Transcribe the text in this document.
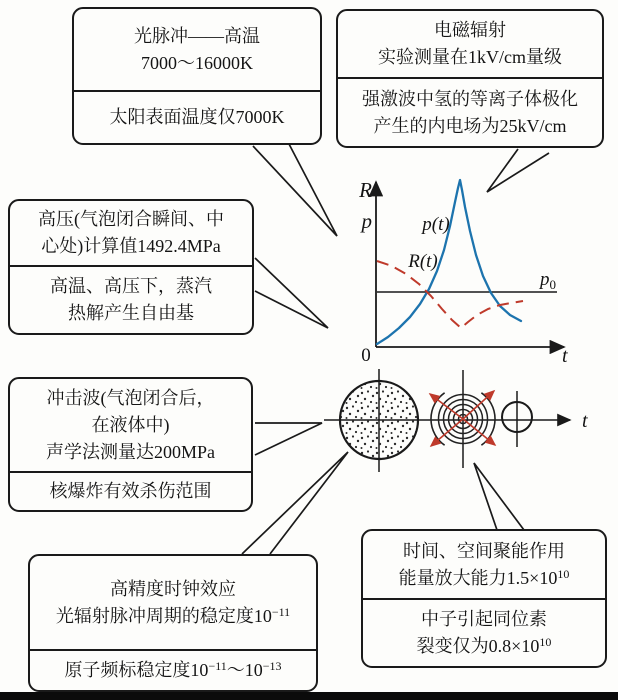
光脉冲——高温
7000～16000K
太阳表面温度仅7000K
电磁辐射
实验测量在1kV/cm量级
强激波中氢的等离子体极化
产生的内电场为25kV/cm
高压(气泡闭合瞬间、中
心处)计算值1492.4MPa
高温、高压下，蒸汽
热解产生自由基
冲击波(气泡闭合后，
在液体中)
声学法测量达200MPa
核爆炸有效杀伤范围
高精度时钟效应
光辐射脉冲周期的稳定度$10^{-11}$
原子频标稳定度$10^{-11}\sim 10^{-13}$
时间、空间聚能作用
能量放大能力$1.5\times 10^{10}$
中子引起同位素
裂变仅为$0.8\times 10^{10}$
R
p	p(t)
R(t)
$p_0$
0	t
t
